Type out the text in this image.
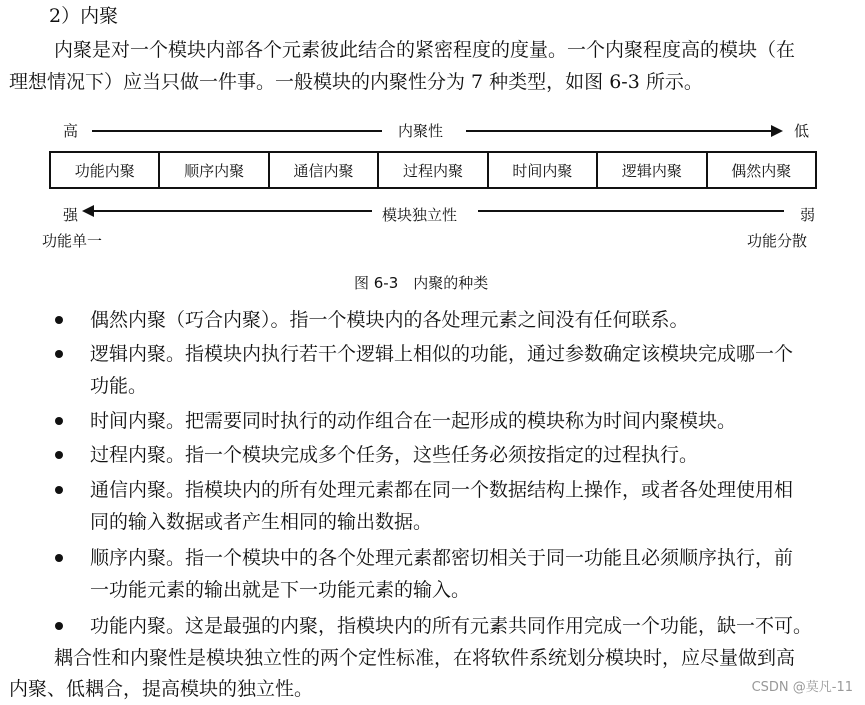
2）内聚
内聚是对一个模块内部各个元素彼此结合的紧密程度的度量。一个内聚程度高的模块（在
理想情况下）应当只做一件事。一般模块的内聚性分为 7 种类型，如图 6-3 所示。
高	内聚性	低
功能内聚	顺序内聚	通信内聚	过程内聚	时间内聚	逻辑内聚	偶然内聚
强	模块独立性	弱
功能单一	功能分散
图 6-3　内聚的种类
偶然内聚（巧合内聚）。指一个模块内的各处理元素之间没有任何联系。
逻辑内聚。指模块内执行若干个逻辑上相似的功能，通过参数确定该模块完成哪一个
功能。
时间内聚。把需要同时执行的动作组合在一起形成的模块称为时间内聚模块。
过程内聚。指一个模块完成多个任务，这些任务必须按指定的过程执行。
通信内聚。指模块内的所有处理元素都在同一个数据结构上操作，或者各处理使用相
同的输入数据或者产生相同的输出数据。
顺序内聚。指一个模块中的各个处理元素都密切相关于同一功能且必须顺序执行，前
一功能元素的输出就是下一功能元素的输入。
功能内聚。这是最强的内聚，指模块内的所有元素共同作用完成一个功能，缺一不可。
耦合性和内聚性是模块独立性的两个定性标准，在将软件系统划分模块时，应尽量做到高
内聚、低耦合，提高模块的独立性。	CSDN @莫凡-11
